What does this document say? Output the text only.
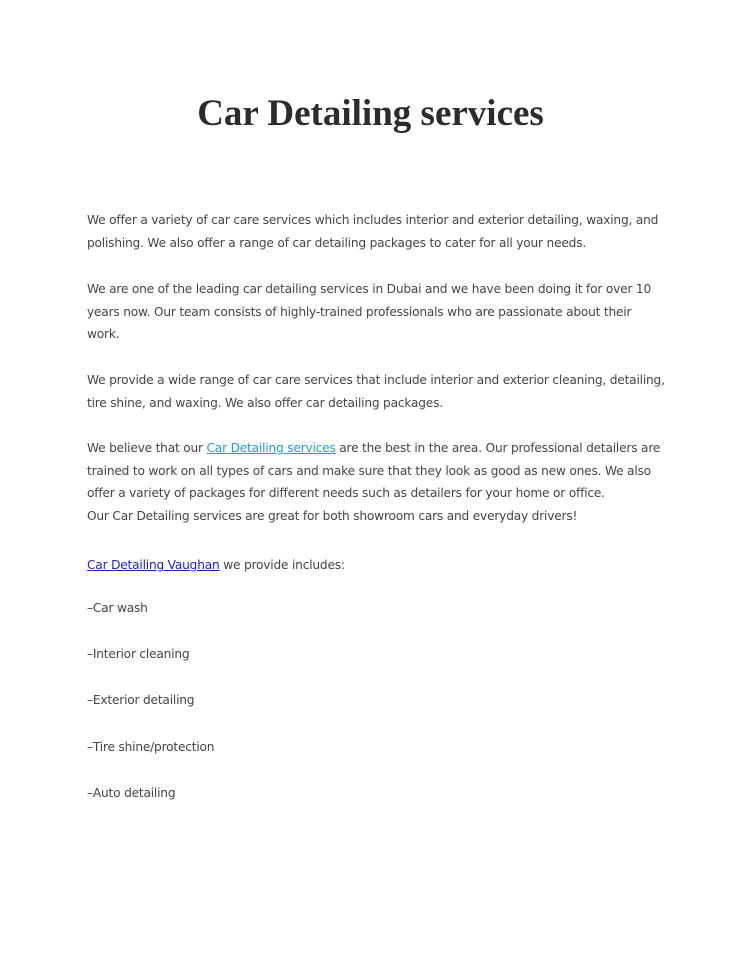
Car Detailing services
We offer a variety of car care services which includes interior and exterior detailing, waxing, and
polishing. We also offer a range of car detailing packages to cater for all your needs.
We are one of the leading car detailing services in Dubai and we have been doing it for over 10
years now. Our team consists of highly-trained professionals who are passionate about their
work.
We provide a wide range of car care services that include interior and exterior cleaning, detailing,
tire shine, and waxing. We also offer car detailing packages.
We believe that our Car Detailing services are the best in the area. Our professional detailers are
trained to work on all types of cars and make sure that they look as good as new ones. We also
offer a variety of packages for different needs such as detailers for your home or office.
Our Car Detailing services are great for both showroom cars and everyday drivers!
Car Detailing Vaughan we provide includes:
–Car wash
–Interior cleaning
–Exterior detailing
–Tire shine/protection
–Auto detailing
